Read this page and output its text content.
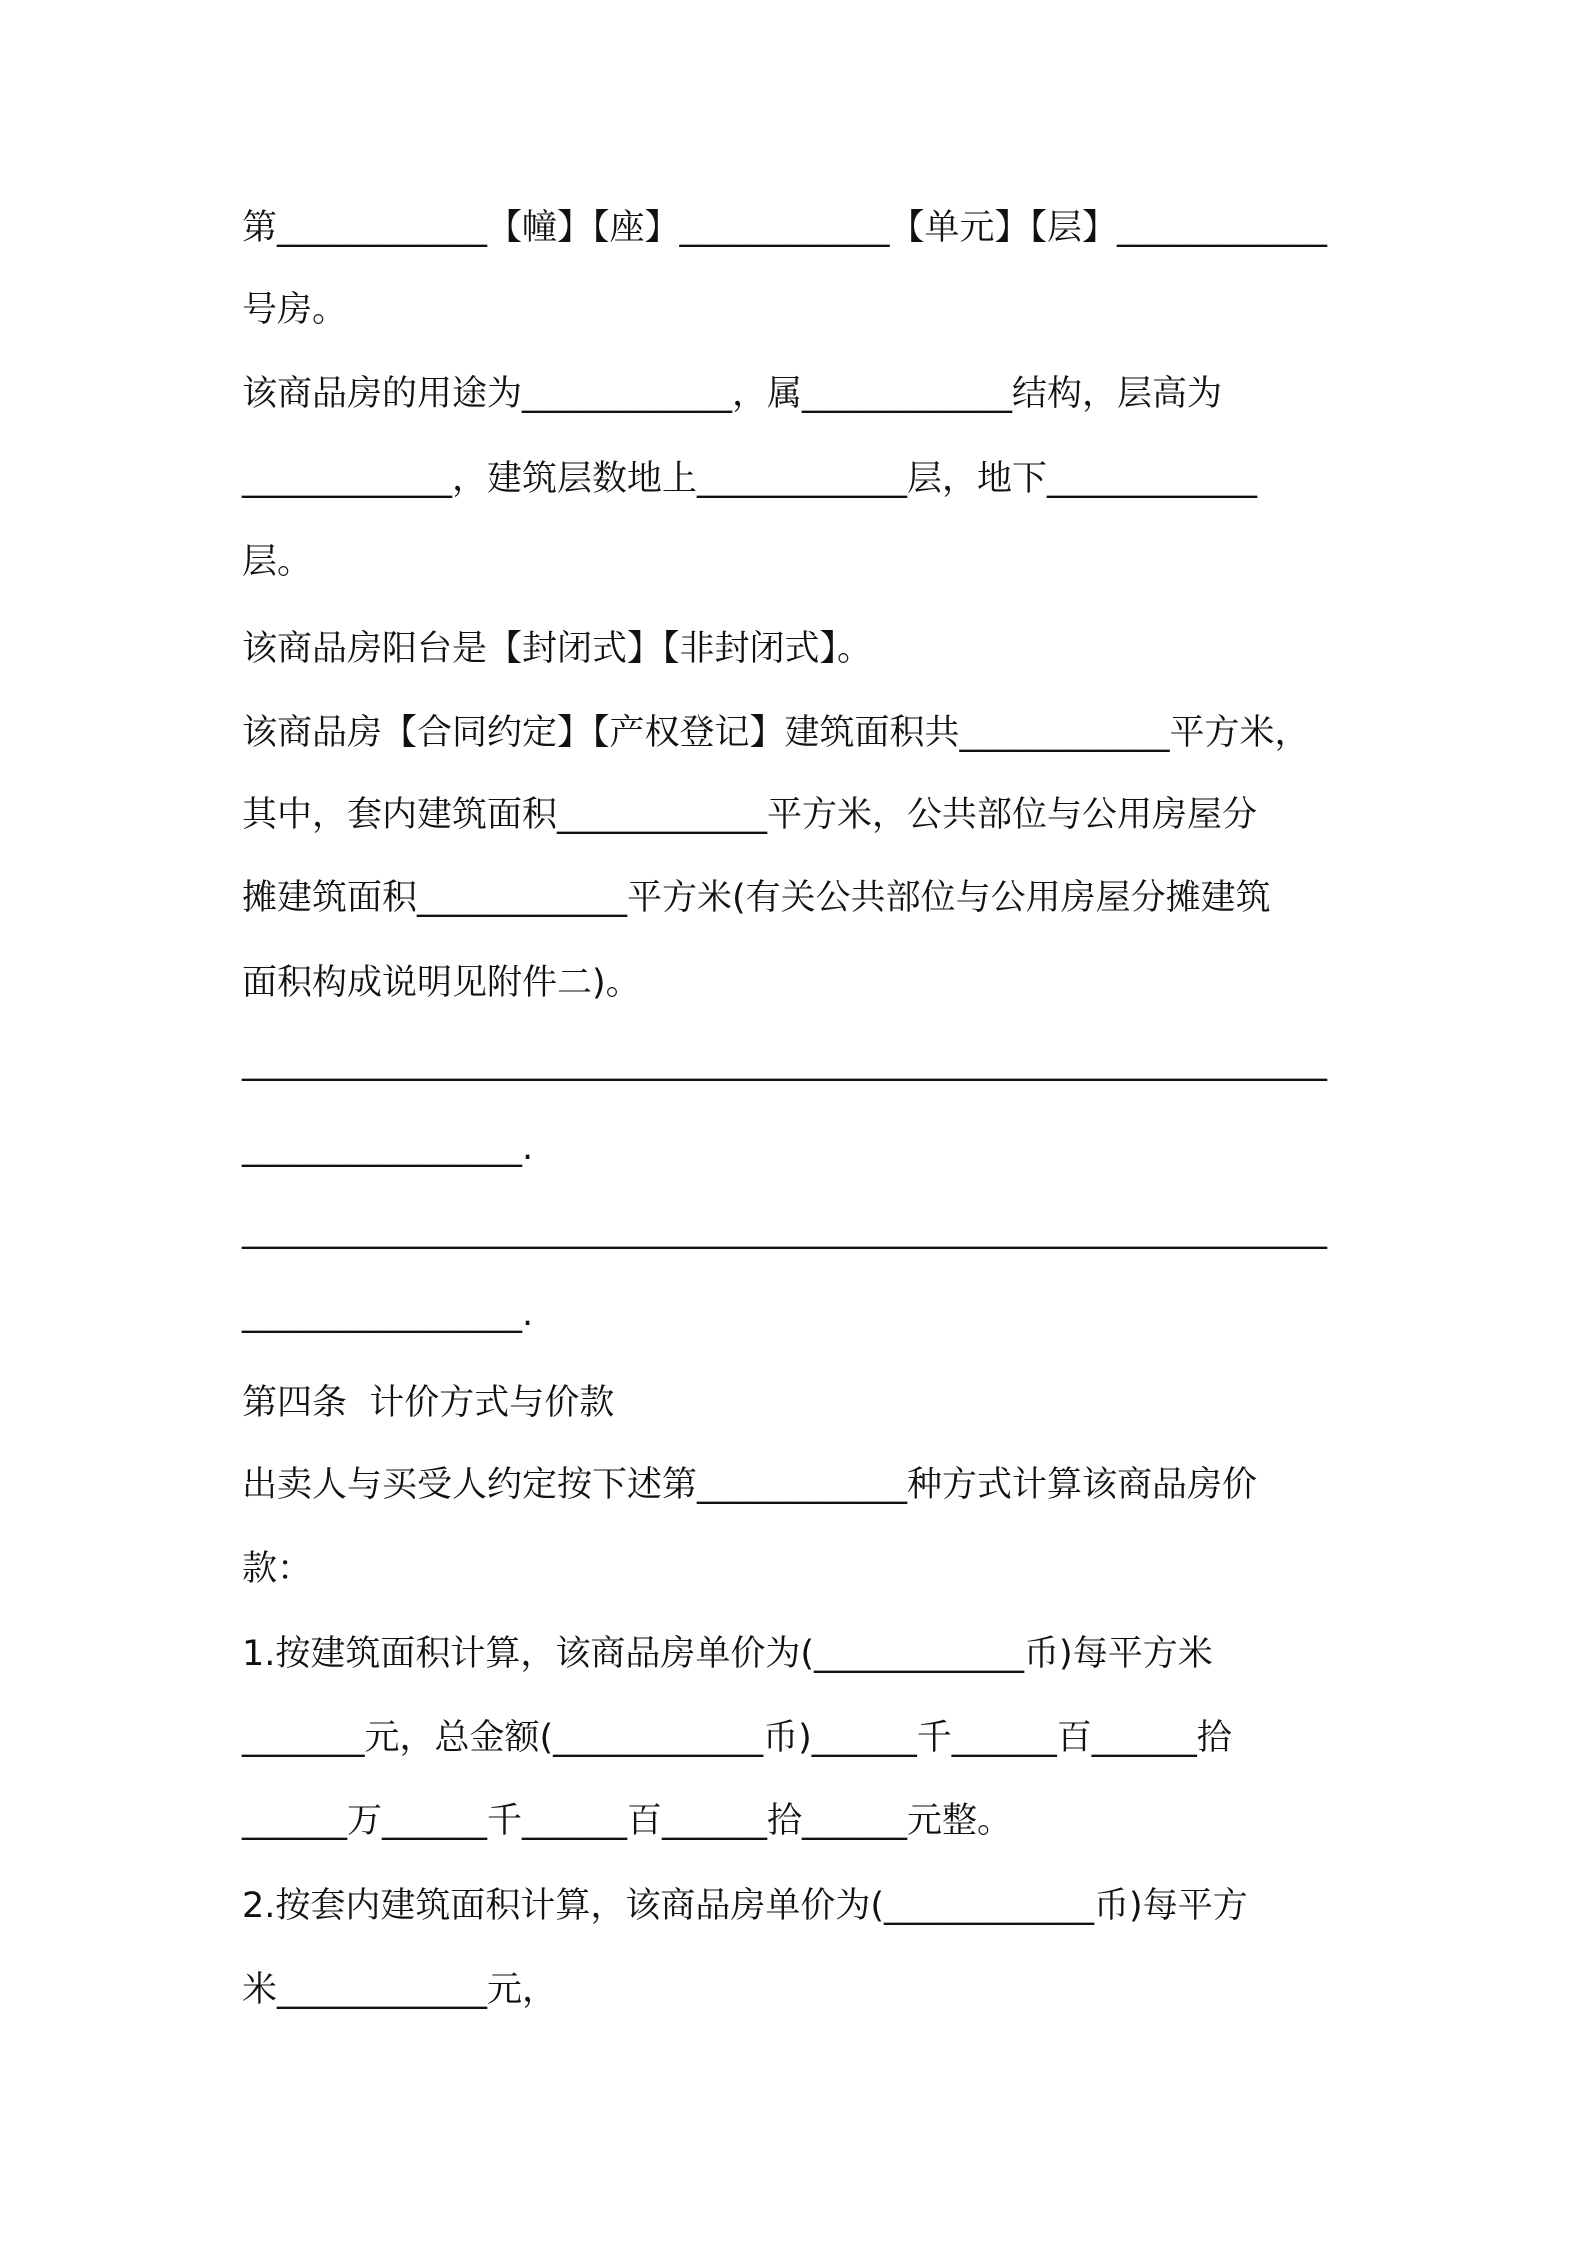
第____________【幢】【座】____________【单元】【层】____________

号房。

该商品房的用途为____________，属____________结构，层高为

____________，建筑层数地上____________层，地下____________

层。

该商品房阳台是【封闭式】【非封闭式】。

该商品房【合同约定】【产权登记】建筑面积共____________平方米，

其中，套内建筑面积____________平方米，公共部位与公用房屋分

摊建筑面积____________平方米(有关公共部位与公用房屋分摊建筑

面积构成说明见附件二)。

______________________________________________________________

________________.

______________________________________________________________

________________.

第四条  计价方式与价款

出卖人与买受人约定按下述第____________种方式计算该商品房价

款：

1.按建筑面积计算，该商品房单价为(____________币)每平方米

_______元，总金额(____________币)______千______百______拾

______万______千______百______拾______元整。

2.按套内建筑面积计算，该商品房单价为(____________币)每平方

米____________元，
